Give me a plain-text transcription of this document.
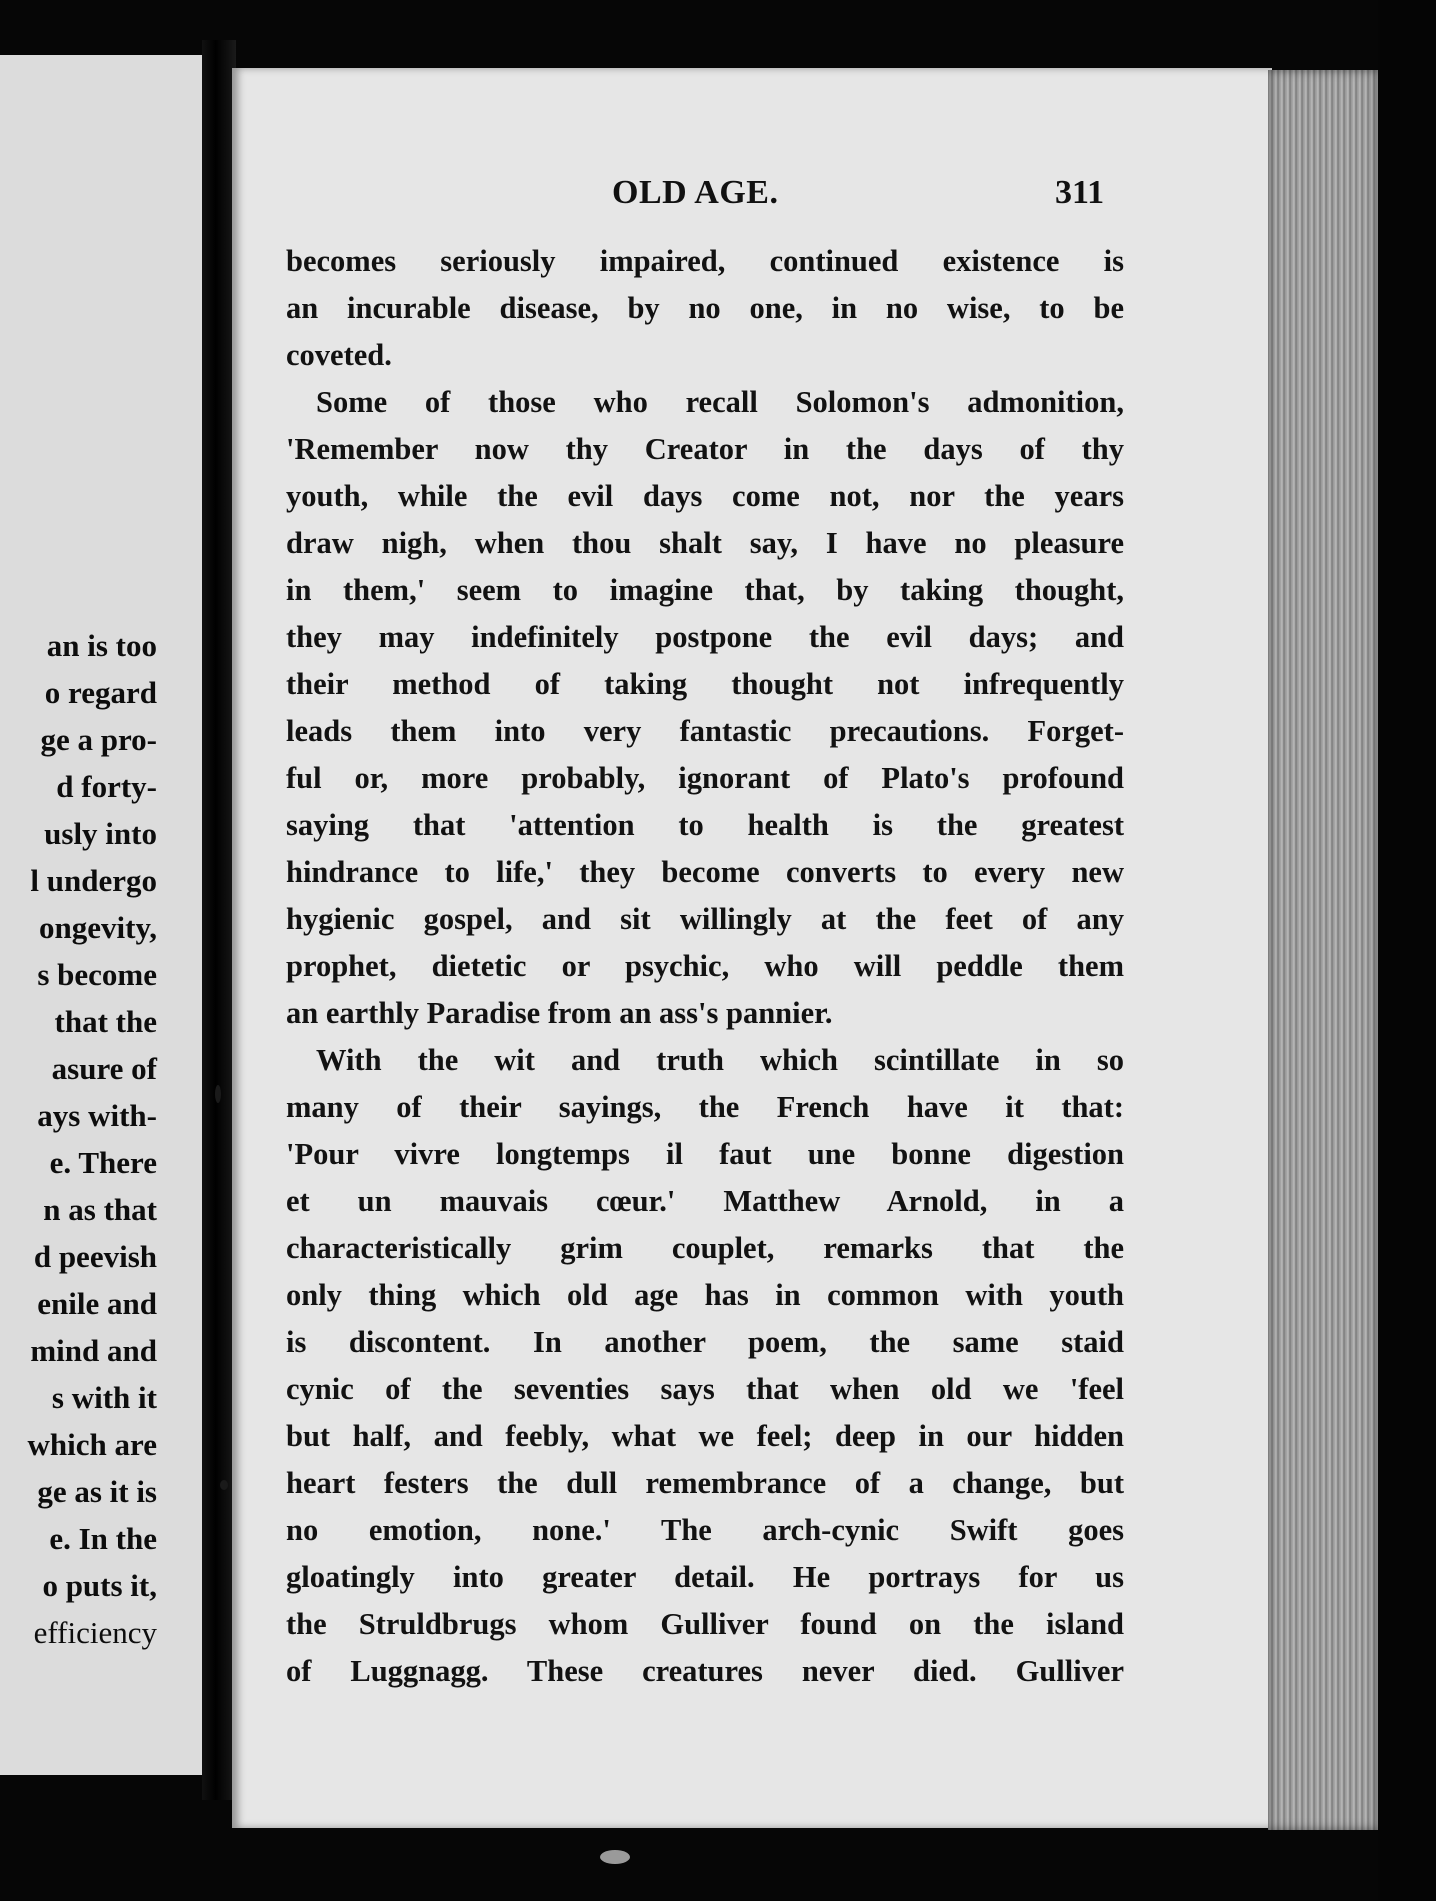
an is too
o regard
ge a pro-
d forty-
usly into
l undergo
ongevity,
s become
that the
asure of
ays with-
e. There
n as that
d peevish
enile and
mind and
s with it
which are
ge as it is
e. In the
o puts it,
efficiency
OLD AGE.	311
becomes seriously impaired, continued existence is
an incurable disease, by no one, in no wise, to be
coveted.
Some of those who recall Solomon's admonition,
'Remember now thy Creator in the days of thy
youth, while the evil days come not, nor the years
draw nigh, when thou shalt say, I have no pleasure
in them,' seem to imagine that, by taking thought,
they may indefinitely postpone the evil days; and
their method of taking thought not infrequently
leads them into very fantastic precautions. Forget-
ful or, more probably, ignorant of Plato's profound
saying that 'attention to health is the greatest
hindrance to life,' they become converts to every new
hygienic gospel, and sit willingly at the feet of any
prophet, dietetic or psychic, who will peddle them
an earthly Paradise from an ass's pannier.
With the wit and truth which scintillate in so
many of their sayings, the French have it that:
'Pour vivre longtemps il faut une bonne digestion
et un mauvais cœur.' Matthew Arnold, in a
characteristically grim couplet, remarks that the
only thing which old age has in common with youth
is discontent. In another poem, the same staid
cynic of the seventies says that when old we 'feel
but half, and feebly, what we feel; deep in our hidden
heart festers the dull remembrance of a change, but
no emotion, none.' The arch-cynic Swift goes
gloatingly into greater detail. He portrays for us
the Struldbrugs whom Gulliver found on the island
of Luggnagg. These creatures never died. Gulliver
